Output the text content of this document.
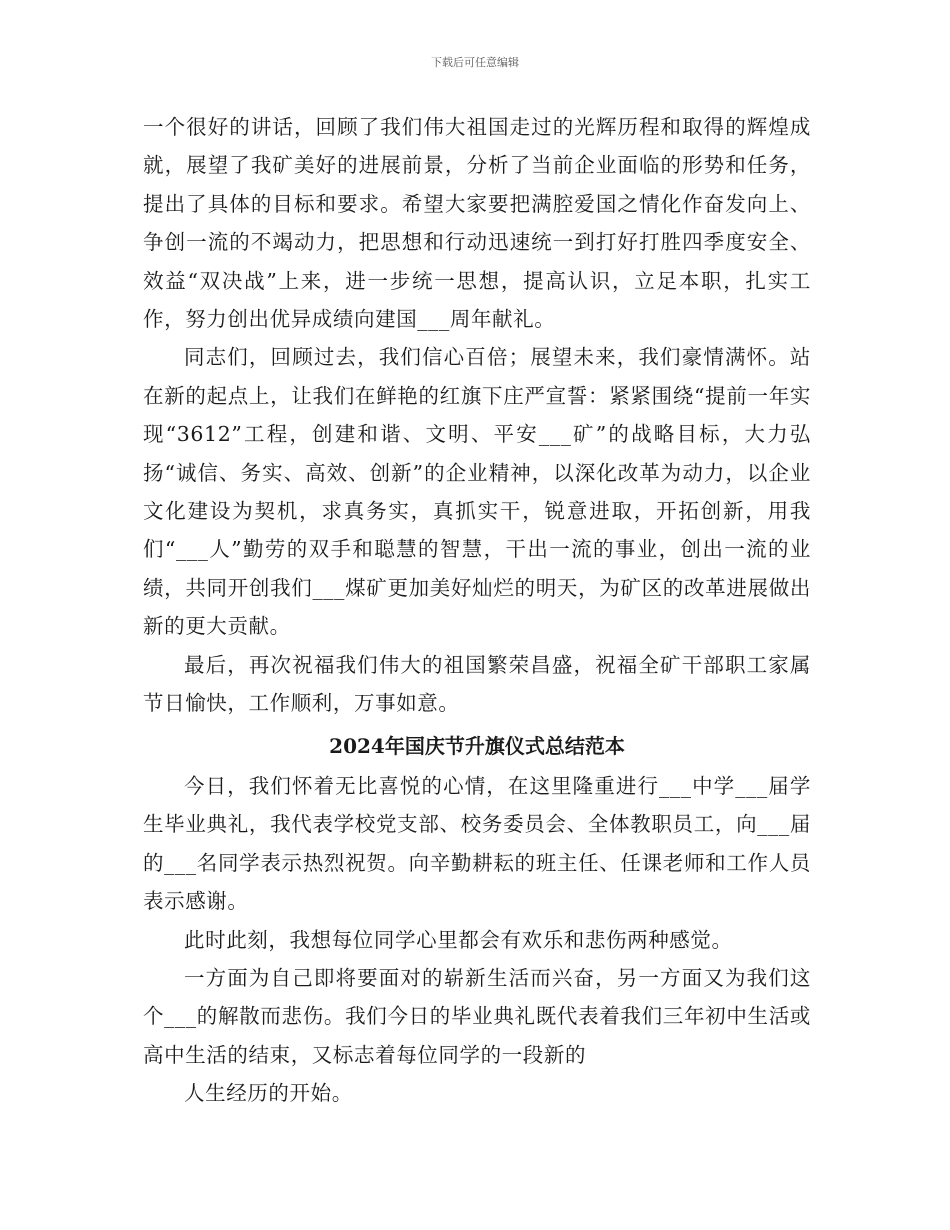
下载后可任意编辑

一个很好的讲话，回顾了我们伟大祖国走过的光辉历程和取得的辉煌成就，展望了我矿美好的进展前景，分析了当前企业面临的形势和任务，提出了具体的目标和要求。希望大家要把满腔爱国之情化作奋发向上、争创一流的不竭动力，把思想和行动迅速统一到打好打胜四季度安全、效益“双决战”上来，进一步统一思想，提高认识，立足本职，扎实工作，努力创出优异成绩向建国___周年献礼。

同志们，回顾过去，我们信心百倍；展望未来，我们豪情满怀。站在新的起点上，让我们在鲜艳的红旗下庄严宣誓：紧紧围绕“提前一年实现“3612”工程，创建和谐、文明、平安___矿”的战略目标，大力弘扬“诚信、务实、高效、创新”的企业精神，以深化改革为动力，以企业文化建设为契机，求真务实，真抓实干，锐意进取，开拓创新，用我们“___人”勤劳的双手和聪慧的智慧，干出一流的事业，创出一流的业绩，共同开创我们___煤矿更加美好灿烂的明天，为矿区的改革进展做出新的更大贡献。

最后，再次祝福我们伟大的祖国繁荣昌盛，祝福全矿干部职工家属节日愉快，工作顺利，万事如意。

2024年国庆节升旗仪式总结范本

今日，我们怀着无比喜悦的心情，在这里隆重进行___中学___届学生毕业典礼，我代表学校党支部、校务委员会、全体教职员工，向___届的___名同学表示热烈祝贺。向辛勤耕耘的班主任、任课老师和工作人员表示感谢。

此时此刻，我想每位同学心里都会有欢乐和悲伤两种感觉。

一方面为自己即将要面对的崭新生活而兴奋，另一方面又为我们这个___的解散而悲伤。我们今日的毕业典礼既代表着我们三年初中生活或高中生活的结束，又标志着每位同学的一段新的

人生经历的开始。
